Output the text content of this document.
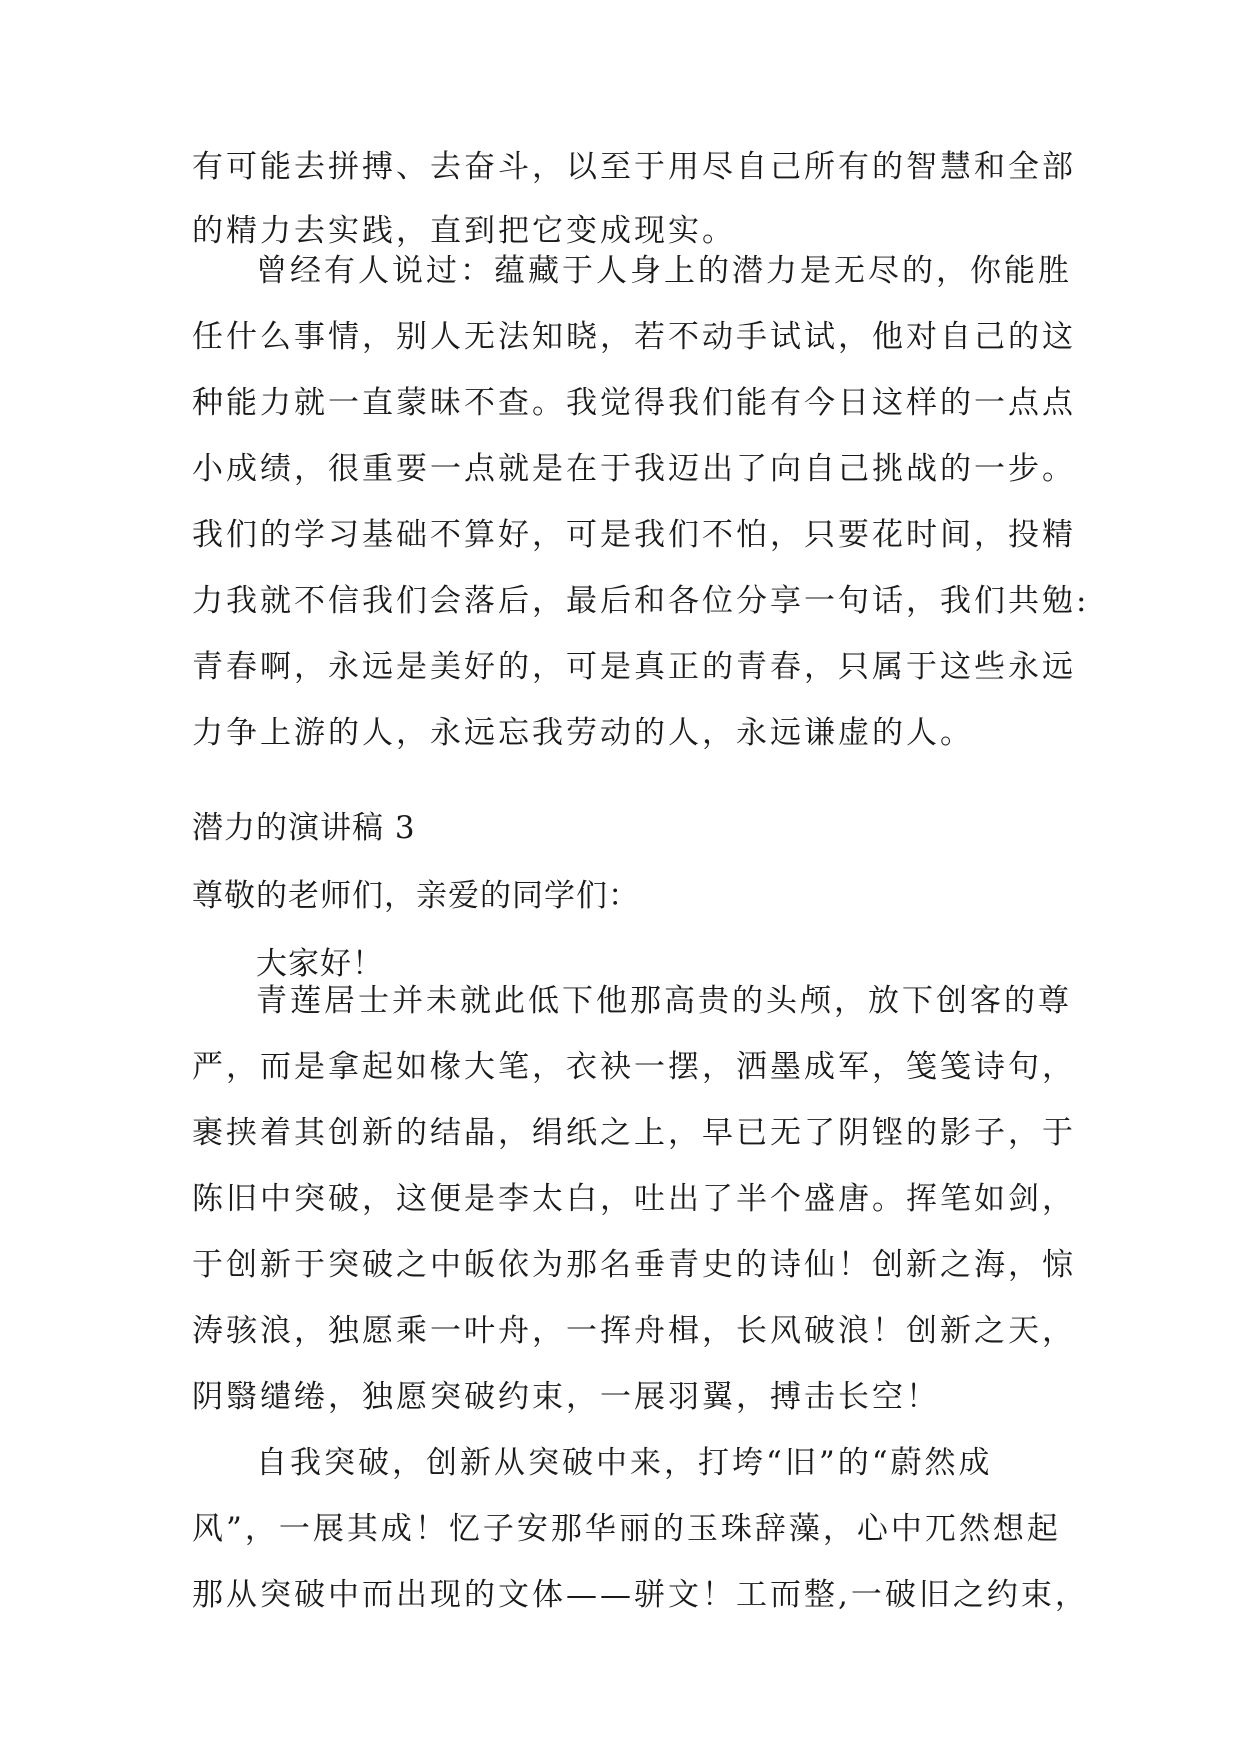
有可能去拼搏、去奋斗，以至于用尽自己所有的智慧和全部
的精力去实践，直到把它变成现实。
曾经有人说过：蕴藏于人身上的潜力是无尽的，你能胜
任什么事情，别人无法知晓，若不动手试试，他对自己的这
种能力就一直蒙昧不查。我觉得我们能有今日这样的一点点
小成绩，很重要一点就是在于我迈出了向自己挑战的一步。
我们的学习基础不算好，可是我们不怕，只要花时间，投精
力我就不信我们会落后，最后和各位分享一句话，我们共勉:
青春啊，永远是美好的，可是真正的青春，只属于这些永远
力争上游的人，永远忘我劳动的人，永远谦虚的人。
潜力的演讲稿 3
尊敬的老师们，亲爱的同学们：
大家好！
青莲居士并未就此低下他那高贵的头颅，放下创客的尊
严，而是拿起如椽大笔，衣袂一摆，洒墨成军，笺笺诗句，
裹挟着其创新的结晶，绢纸之上，早已无了阴铿的影子，于
陈旧中突破，这便是李太白，吐出了半个盛唐。挥笔如剑，
于创新于突破之中皈依为那名垂青史的诗仙！创新之海，惊
涛骇浪，独愿乘一叶舟，一挥舟楫，长风破浪！创新之天，
阴翳缱绻，独愿突破约束，一展羽翼，搏击长空！
自我突破，创新从突破中来，打垮“旧”的“蔚然成
风”，一展其成！忆子安那华丽的玉珠辞藻，心中兀然想起
那从突破中而出现的文体——骈文！工而整,一破旧之约束，
